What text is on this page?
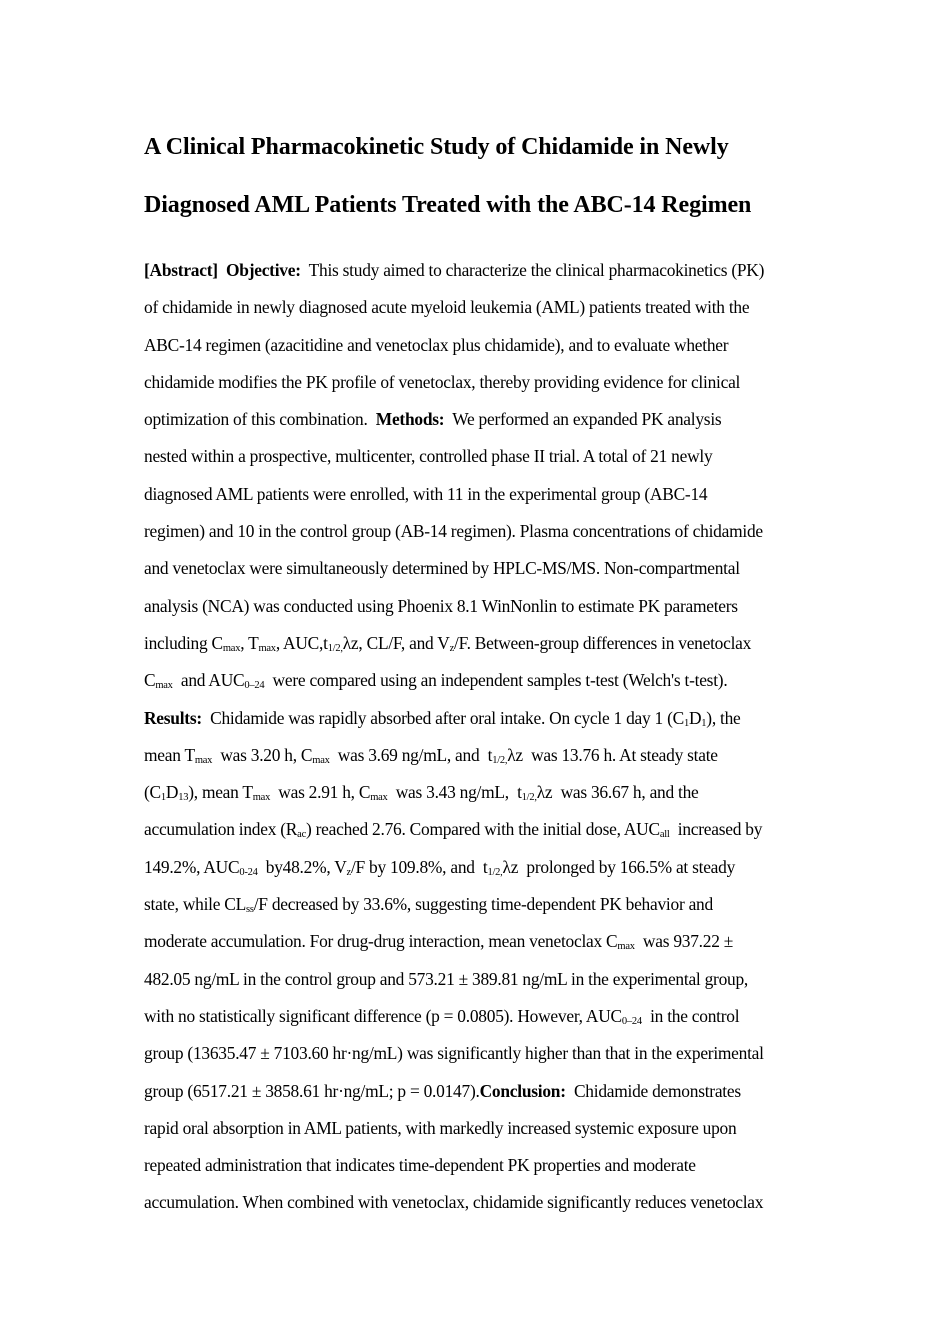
A Clinical Pharmacokinetic Study of Chidamide in Newly
Diagnosed AML Patients Treated with the ABC-14 Regimen
[Abstract] Objective:  This study aimed to characterize the clinical pharmacokinetics (PK)
of chidamide in newly diagnosed acute myeloid leukemia (AML) patients treated with the
ABC-14 regimen (azacitidine and venetoclax plus chidamide), and to evaluate whether
chidamide modifies the PK profile of venetoclax, thereby providing evidence for clinical
optimization of this combination.  Methods:  We performed an expanded PK analysis
nested within a prospective, multicenter, controlled phase II trial. A total of 21 newly
diagnosed AML patients were enrolled, with 11 in the experimental group (ABC-14
regimen) and 10 in the control group (AB-14 regimen). Plasma concentrations of chidamide
and venetoclax were simultaneously determined by HPLC-MS/MS. Non-compartmental
analysis (NCA) was conducted using Phoenix 8.1 WinNonlin to estimate PK parameters
including $C_{max}$, $T_{max}$, $AUC,t_{1/2,}\lambda z$, CL/F, and $V_z/F$. Between-group differences in venetoclax
$C_{max}$  and $AUC_{0-24}$  were compared using an independent samples t-test (Welch's t-test).
Results:  Chidamide was rapidly absorbed after oral intake. On cycle 1 day 1 $(C_1D_1)$, the
mean $T_{max}$  was 3.20 h, $C_{max}$  was 3.69 ng/mL, and  $t_{1/2,}\lambda z$  was 13.76 h. At steady state
$(C_1D_{13})$, mean $T_{max}$  was 2.91 h, $C_{max}$  was 3.43 ng/mL,  $t_{1/2,}\lambda z$  was 36.67 h, and the
accumulation index $(R_{ac})$ reached 2.76. Compared with the initial dose, $AUC_{all}$  increased by
149.2%, $AUC_{0-24}$  by48.2%, $V_z/F$ by 109.8%, and  $t_{1/2,}\lambda z$  prolonged by 166.5% at steady
state, while $CL_{ss}/F$ decreased by 33.6%, suggesting time-dependent PK behavior and
moderate accumulation. For drug-drug interaction, mean venetoclax $C_{max}$  was 937.22 ±
482.05 ng/mL in the control group and 573.21 ± 389.81 ng/mL in the experimental group,
with no statistically significant difference (p = 0.0805). However, $AUC_{0-24}$  in the control
group (13635.47 ± 7103.60 hr·ng/mL) was significantly higher than that in the experimental
group (6517.21 ± 3858.61 hr·ng/mL; p = 0.0147).Conclusion:  Chidamide demonstrates
rapid oral absorption in AML patients, with markedly increased systemic exposure upon
repeated administration that indicates time-dependent PK properties and moderate
accumulation. When combined with venetoclax, chidamide significantly reduces venetoclax
